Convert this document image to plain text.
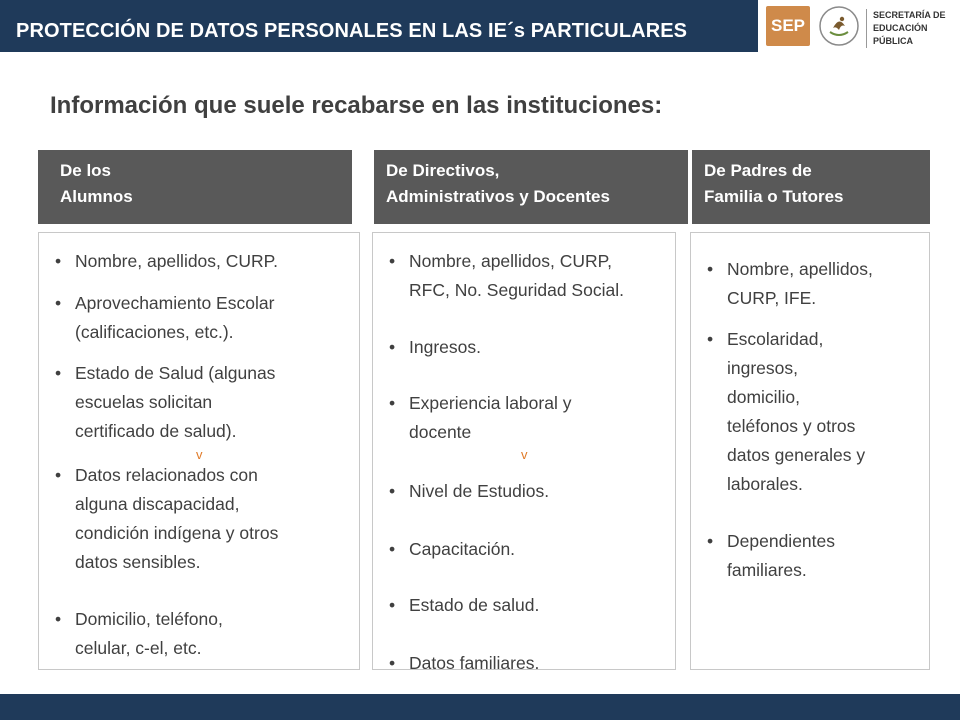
PROTECCIÓN DE DATOS PERSONALES EN LAS IE´s PARTICULARES	SEP
SECRETARÍA DE
EDUCACIÓN PÚBLICA
Información que suele recabarse en las instituciones:
De los
Alumnos
• Nombre, apellidos, CURP.
• Aprovechamiento Escolar
(calificaciones, etc.).
• Estado de Salud (algunas
escuelas solicitan
certificado de salud).
• Datos relacionados con
alguna discapacidad,
condición indígena y otros
datos sensibles.
• Domicilio, teléfono,
celular, c-el, etc.
v
De Directivos,
Administrativos y Docentes
• Nombre, apellidos, CURP,
RFC, No. Seguridad Social.
• Ingresos.
• Experiencia laboral y
docente
• Nivel de Estudios.
• Capacitación.
• Estado de salud.
• Datos familiares.
v
De Padres de
Familia o Tutores
• Nombre, apellidos,
CURP, IFE.
• Escolaridad,
ingresos,
domicilio,
teléfonos y otros
datos generales y
laborales.
• Dependientes
familiares.
